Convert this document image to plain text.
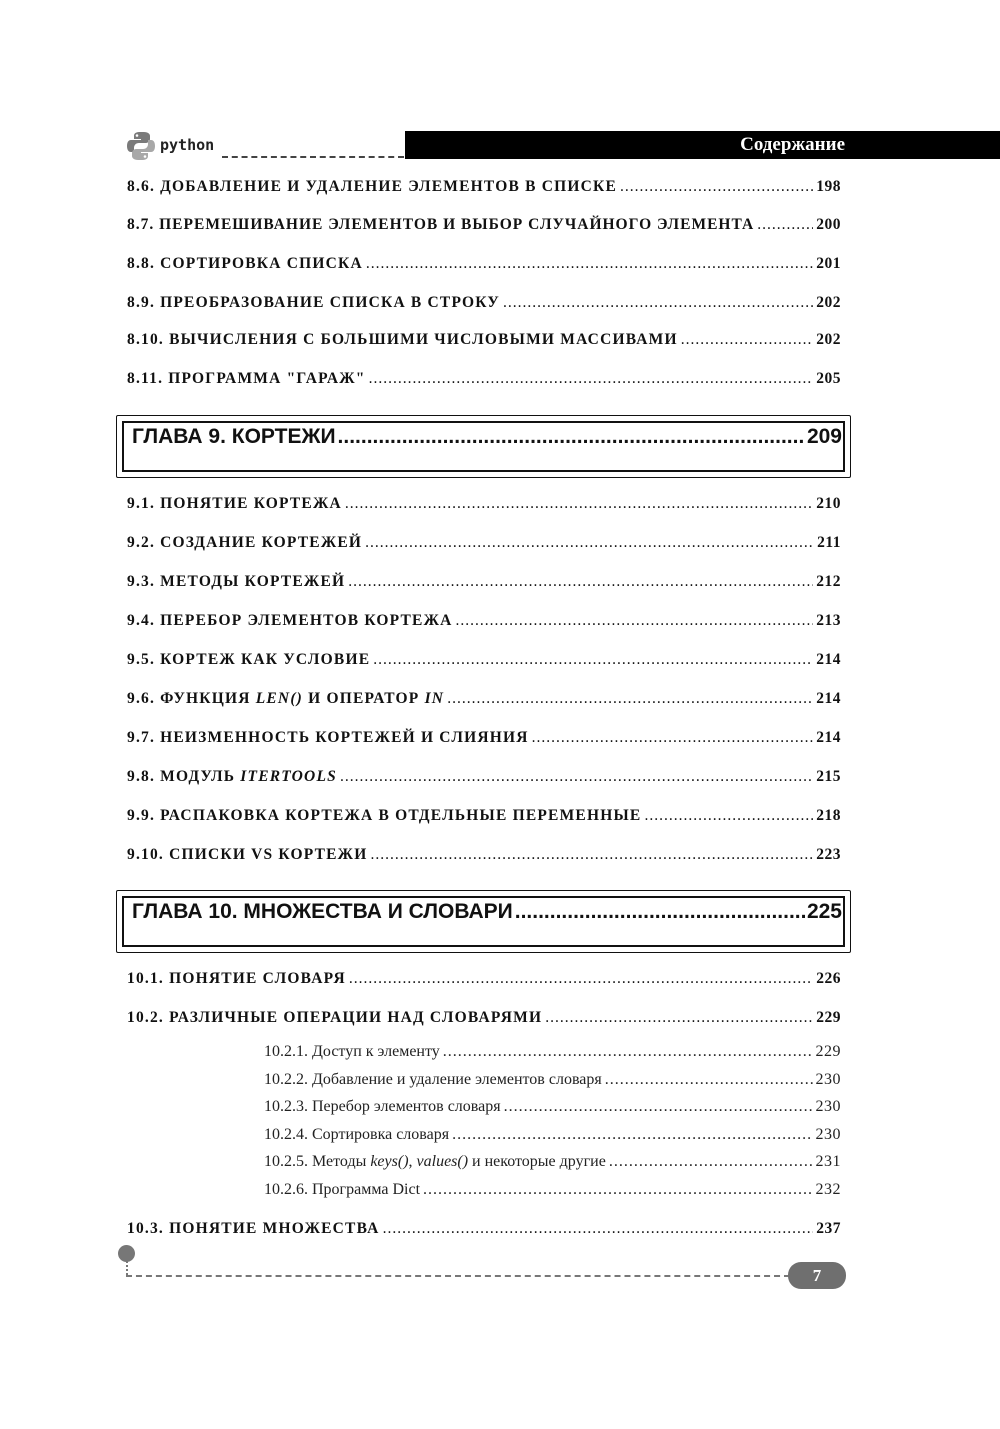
python	Содержание
8.6. ДОБАВЛЕНИЕ И УДАЛЕНИЕ ЭЛЕМЕНТОВ В СПИСКЕ .....	198
8.7. ПЕРЕМЕШИВАНИЕ ЭЛЕМЕНТОВ И ВЫБОР СЛУЧАЙНОГО ЭЛЕМЕНТА .....	200
8.8. СОРТИРОВКА СПИСКА .....	201
8.9. ПРЕОБРАЗОВАНИЕ СПИСКА В СТРОКУ .....	202
8.10. ВЫЧИСЛЕНИЯ С БОЛЬШИМИ ЧИСЛОВЫМИ МАССИВАМИ .....	202
8.11. ПРОГРАММА "ГАРАЖ" .....	205
ГЛАВА 9. КОРТЕЖИ .....	209
9.1. ПОНЯТИЕ КОРТЕЖА .....	210
9.2. СОЗДАНИЕ КОРТЕЖЕЙ .....	211
9.3. МЕТОДЫ КОРТЕЖЕЙ .....	212
9.4. ПЕРЕБОР ЭЛЕМЕНТОВ КОРТЕЖА .....	213
9.5. КОРТЕЖ КАК УСЛОВИЕ .....	214
9.6. ФУНКЦИЯ LEN() И ОПЕРАТОР IN .....	214
9.7. НЕИЗМЕННОСТЬ КОРТЕЖЕЙ И СЛИЯНИЯ .....	214
9.8. МОДУЛЬ ITERTOOLS .....	215
9.9. РАСПАКОВКА КОРТЕЖА В ОТДЕЛЬНЫЕ ПЕРЕМЕННЫЕ .....	218
9.10. СПИСКИ VS КОРТЕЖИ .....	223
ГЛАВА 10. МНОЖЕСТВА И СЛОВАРИ .....	225
10.1. ПОНЯТИЕ СЛОВАРЯ .....	226
10.2. РАЗЛИЧНЫЕ ОПЕРАЦИИ НАД СЛОВАРЯМИ .....	229
10.2.1. Доступ к элементу .....	229
10.2.2. Добавление и удаление элементов словаря .....	230
10.2.3. Перебор элементов словаря .....	230
10.2.4. Сортировка словаря .....	230
10.2.5. Методы keys(), values() и некоторые другие .....	231
10.2.6. Программа Dict .....	232
10.3. ПОНЯТИЕ МНОЖЕСТВА .....	237
7
